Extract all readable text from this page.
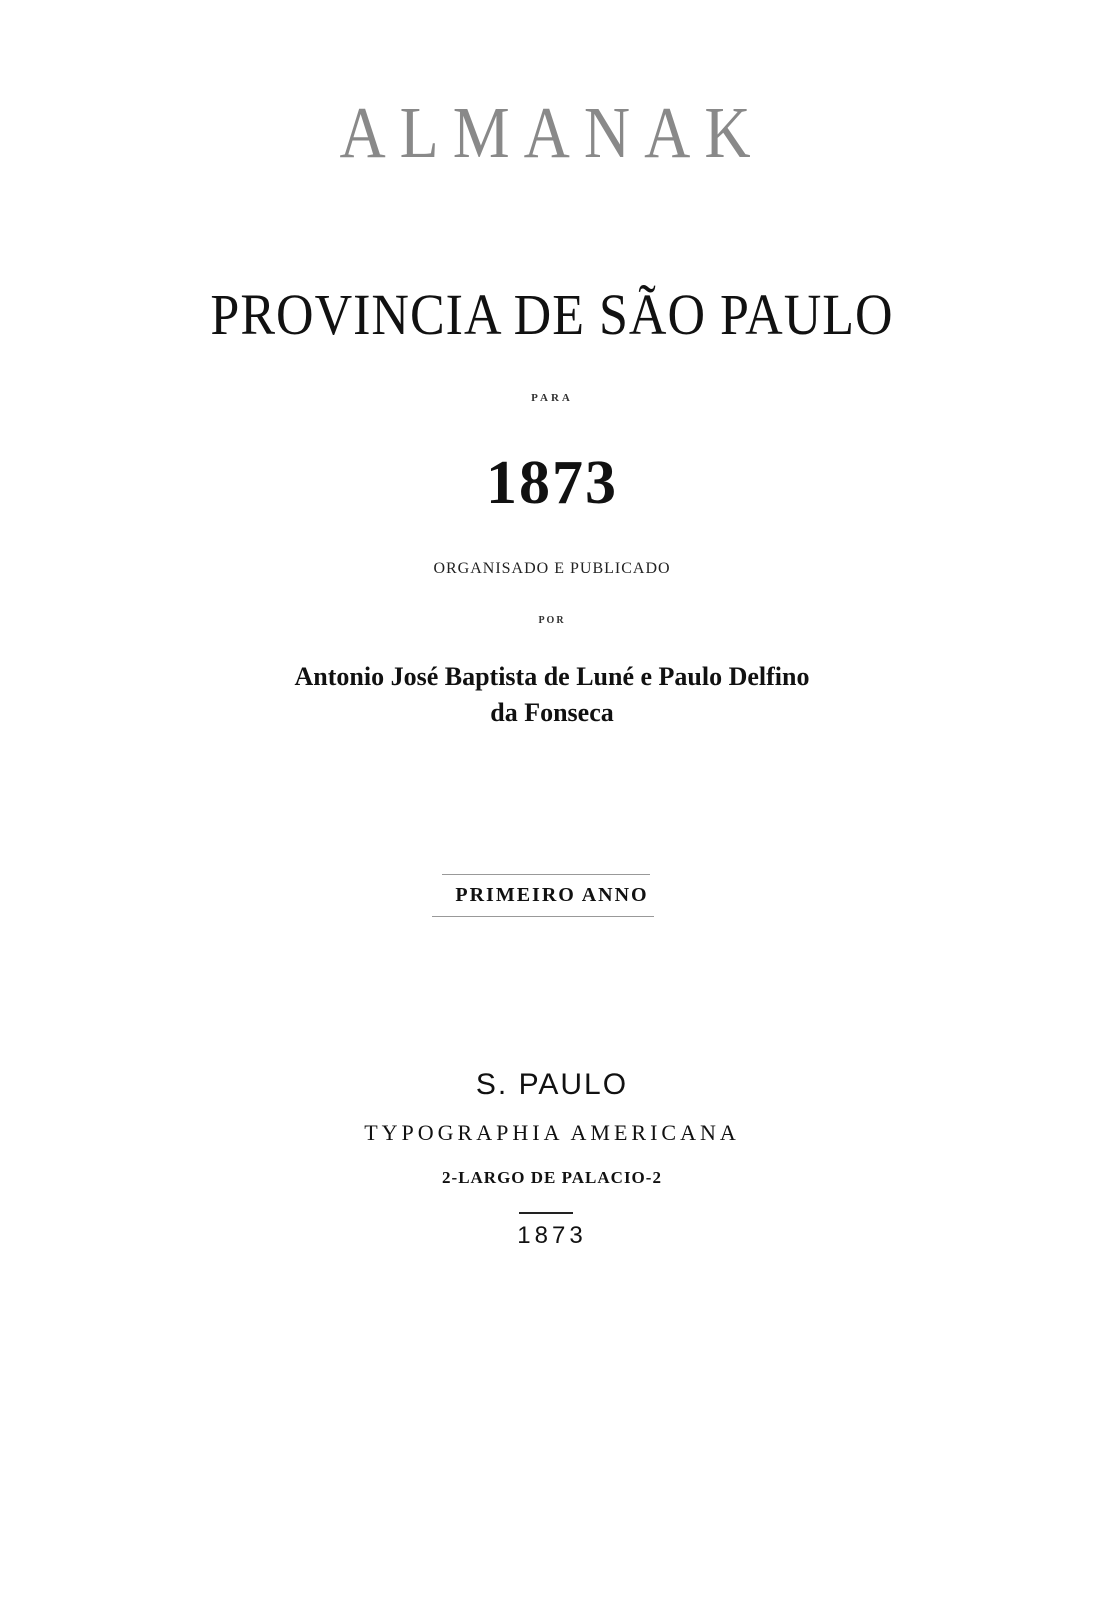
ALMANAK
PROVINCIA DE SÃO PAULO
PARA
1873
ORGANISADO E PUBLICADO
POR
Antonio José Baptista de Luné e Paulo Delfino
da Fonseca
PRIMEIRO ANNO
S. PAULO
TYPOGRAPHIA AMERICANA
2-LARGO DE PALACIO-2
1873
